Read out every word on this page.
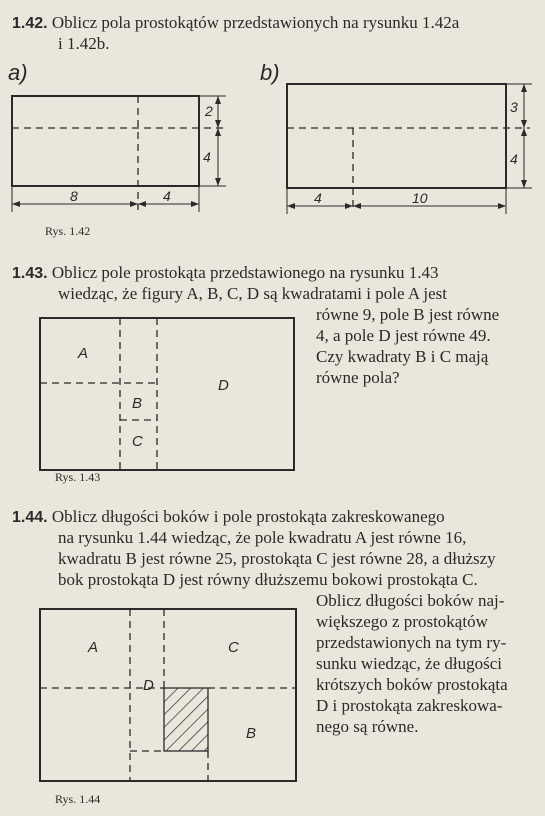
1.42. Oblicz pola prostokątów przedstawionych na rysunku 1.42a
i 1.42b.
a)
2
4
8	4
b)
3
4
4	10
A
B
C
D
A	C
D
B
Rys. 1.42
1.43. Oblicz pole prostokąta przedstawionego na rysunku 1.43
wiedząc, że figury A, B, C, D są kwadratami i pole A jest
równe 9, pole B jest równe
4, a pole D jest równe 49.
Czy kwadraty B i C mają
równe pola?
Rys. 1.43
1.44. Oblicz długości boków i pole prostokąta zakreskowanego
na rysunku 1.44 wiedząc, że pole kwadratu A jest równe 16,
kwadratu B jest równe 25, prostokąta C jest równe 28, a dłuższy
bok prostokąta D jest równy dłuższemu bokowi prostokąta C.
Oblicz długości boków naj-
większego z prostokątów
przedstawionych na tym ry-
sunku wiedząc, że długości
krótszych boków prostokąta
D i prostokąta zakreskowa-
nego są równe.
Rys. 1.44
